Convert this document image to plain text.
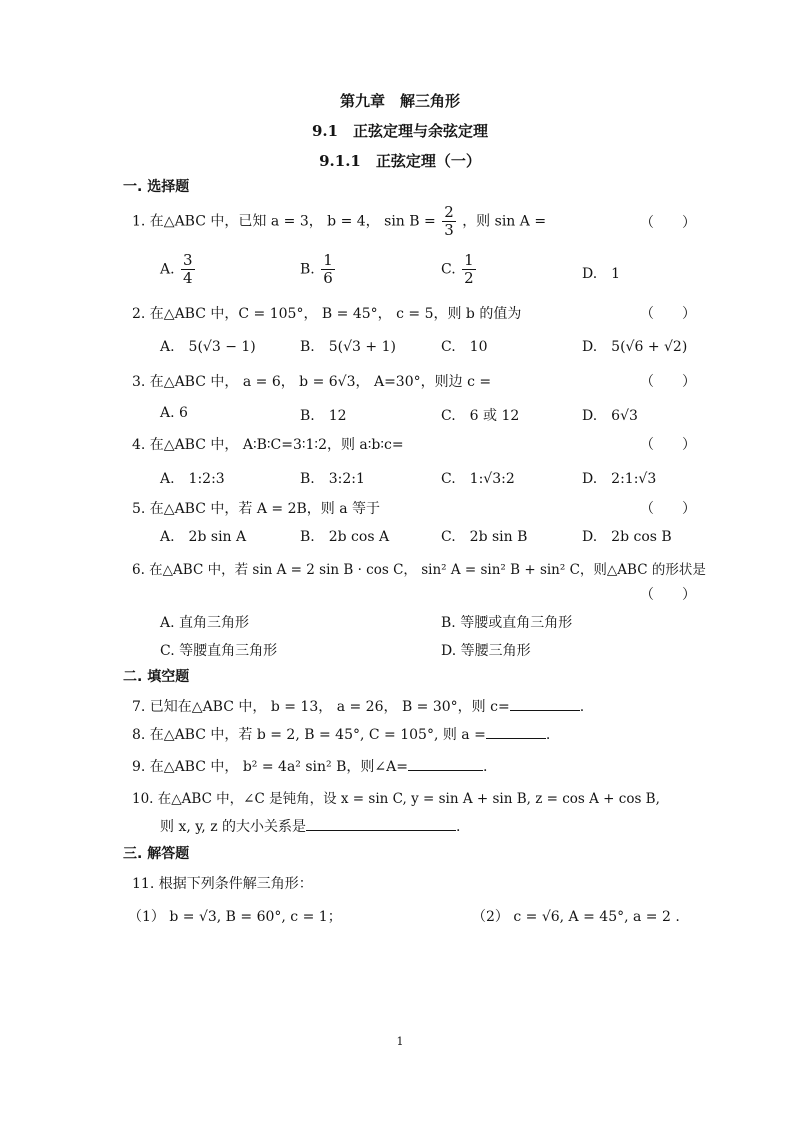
第九章　解三角形
9.1　正弦定理与余弦定理
9.1.1　正弦定理（一）
一. 选择题
1. 在△ABC 中，已知 a = 3， b = 4， $\sin B = \frac{2}{3}$ ，则 sin A =	（　　）
A. $\frac{3}{4}$	B. $\frac{1}{6}$	C. $\frac{1}{2}$	D.　1
2. 在△ABC 中，C = 105°， B = 45°， c = 5，则 b 的值为	（　　）
A.　5(√3 − 1)	B.　5(√3 + 1)	C.　10	D.　5(√6 + √2)
3. 在△ABC 中， a = 6， b = 6√3， A=30°，则边 c =	（　　）
A. 6	B.　12	C.　6 或 12	D.　6√3
4. 在△ABC 中， A∶B∶C=3∶1∶2，则 a∶b∶c=	（　　）
A.　1:2:3	B.　3:2:1	C.　1:√3:2	D.　2:1:√3
5. 在△ABC 中，若 A = 2B，则 a 等于	（　　）
A.　2b sin A	B.　2b cos A	C.　2b sin B	D.　2b cos B
6. 在△ABC 中，若 sin A = 2 sin B · cos C， sin² A = sin² B + sin² C，则△ABC 的形状是
（　　）
A. 直角三角形	B. 等腰或直角三角形
C. 等腰直角三角形	D. 等腰三角形
二. 填空题
7. 已知在△ABC 中， b = 13， a = 26， B = 30°，则 c=	.
8. 在△ABC 中，若 b = 2, B = 45°, C = 105°, 则 a =	.
9. 在△ABC 中， b² = 4a² sin² B，则∠A=	.
10. 在△ABC 中，∠C 是钝角，设 x = sin C, y = sin A + sin B, z = cos A + cos B,
则 x, y, z 的大小关系是	.
三. 解答题
11. 根据下列条件解三角形：
（1） b = √3, B = 60°, c = 1；	（2） c = √6, A = 45°, a = 2 .
1
